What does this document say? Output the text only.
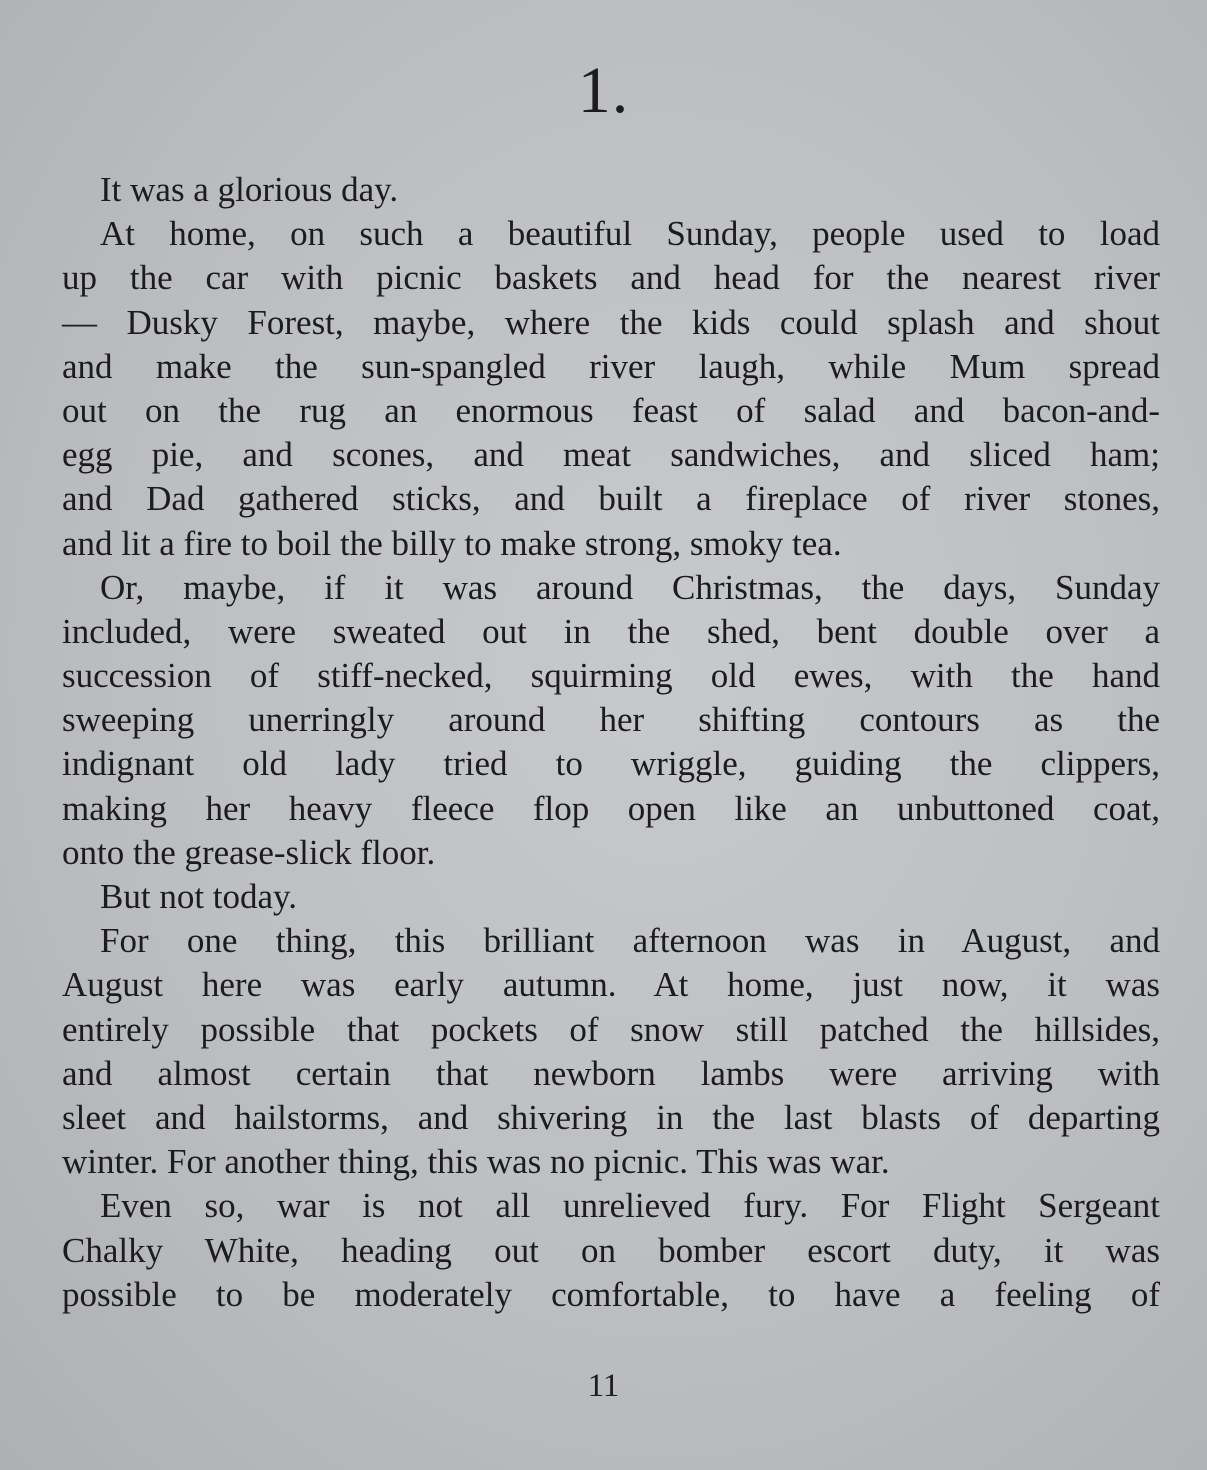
1.
It was a glorious day.
At home, on such a beautiful Sunday, people used to load
up the car with picnic baskets and head for the nearest river
— Dusky Forest, maybe, where the kids could splash and shout
and make the sun-spangled river laugh, while Mum spread
out on the rug an enormous feast of salad and bacon-and-
egg pie, and scones, and meat sandwiches, and sliced ham;
and Dad gathered sticks, and built a fireplace of river stones,
and lit a fire to boil the billy to make strong, smoky tea.
Or, maybe, if it was around Christmas, the days, Sunday
included, were sweated out in the shed, bent double over a
succession of stiff-necked, squirming old ewes, with the hand
sweeping unerringly around her shifting contours as the
indignant old lady tried to wriggle, guiding the clippers,
making her heavy fleece flop open like an unbuttoned coat,
onto the grease-slick floor.
But not today.
For one thing, this brilliant afternoon was in August, and
August here was early autumn. At home, just now, it was
entirely possible that pockets of snow still patched the hillsides,
and almost certain that newborn lambs were arriving with
sleet and hailstorms, and shivering in the last blasts of departing
winter. For another thing, this was no picnic. This was war.
Even so, war is not all unrelieved fury. For Flight Sergeant
Chalky White, heading out on bomber escort duty, it was
possible to be moderately comfortable, to have a feeling of
11
